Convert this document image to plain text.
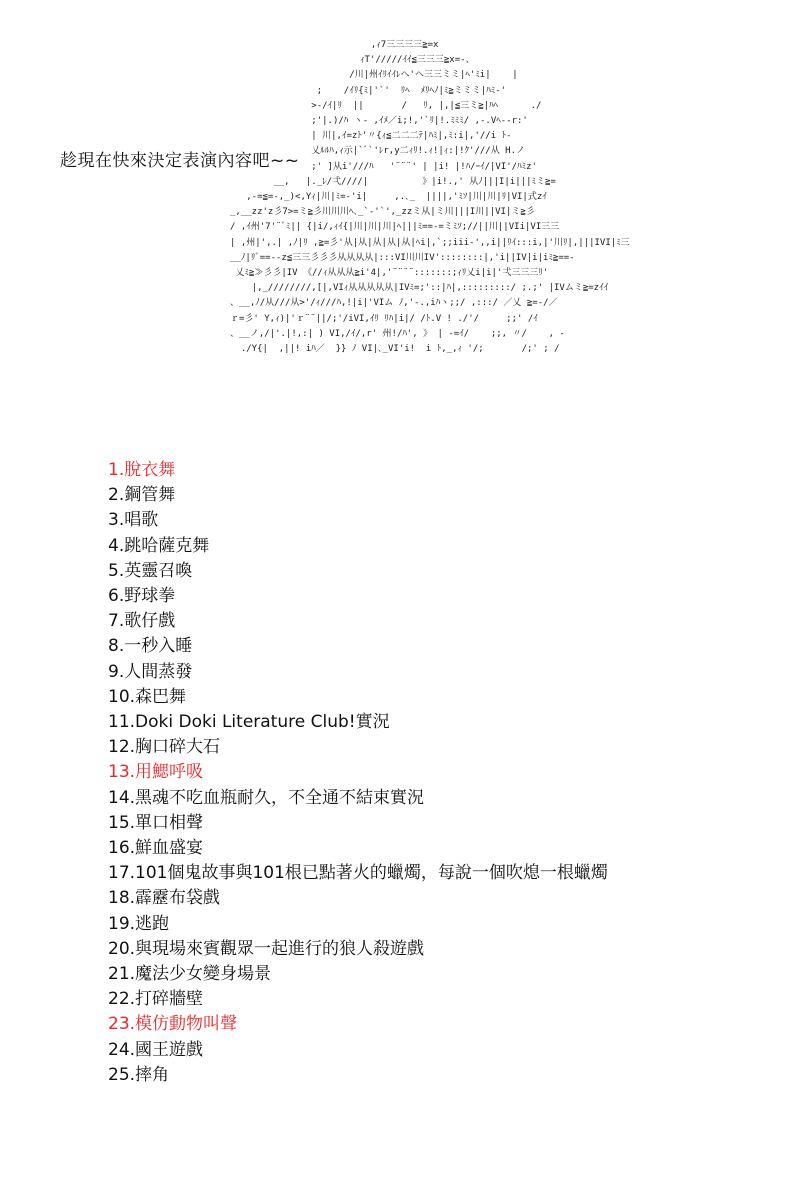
,ｨ7三三三三≧=x
ｨT'/////ｲｲ≦三三三≧x=-、
/川|州ｲﾘｲｲﾚヘ'ヘ三三ミミ|ﾍ'ﾐi|    |
;    /ｲﾘ{ﾐ|'`'  ﾘﾍ  ﾒﾘﾍﾉ|ﾐ≧ミミミ|ﾊﾐ-'
>-/ｲ|ﾘ  ||       /   ﾘ, |,|≦三ミ≧|ﾊﾍ      ./
;'|.)/ﾊ ヽ- ,ｲﾒ／i;!,'`ﾘ|!.ﾐﾐﾐ/ ,-.Vﾍ--r:'
| 川|,ｲ=zﾄ'〃{ｨ≦二二二ﾃ|ﾊﾐ|,ﾐ:i|,'//i ﾄ-
乂ﾙﾙﾊ,ｨ示|`ﾞ`'ﾚr,y二ｨﾘ!.ｨ!|ｨ:|!ｸ'///从 H.ノ
;' ]从i'///ﾊ   '¨¨¨' | |i! |!ﾊ/ｰｲ/|VI'/ﾊﾐz'
__,   |._ﾚ/弌////|          》|i!.,' 从ﾉ|||I|i|||ﾐミ≧=
,-=≦=-,_)<,Yｨ|川|ﾐ=-'i|     ,.､_  ||||,'ﾐｿ|川|川|ﾘ|VI|式zｲ
_,__zz'z彡7>=ミ≧彡川川川ﾍ､_`-'`',_zzミ从|ミ川|||I川||VI|ミ≧彡
/ ,ｲ州'7'¨ﾞﾐ|| {|i/,ｨｲ{|川|川|川|ﾍ|||ﾐ==-=ミﾐｿ;//||川||VIi|VI三三
| ,州|',.| ,ﾉ|ﾘ ,≧=彡'从|从|从|从|从|ﾍi|,`;;iii-',,i||ﾘｲ:::i,|'川ﾘ|,|||IVI|ﾐ三
__ﾉ|ﾘﾞ==--z≦三三彡彡彡从从从从|:::VI川川IV'::::::::|,'i||IV|i|iﾐ≧==-
乂ﾐ≧≫彡彡|IV 《//ｨ从从从≧i'4|,'¨¨¨¨:::::::;ｨﾘ乂i|i|'弌三三三ﾘ'
|,_////////,[|,VIｨ从从从从从|IVﾐ=;'::|ﾊ|,:::::::::/ ;.;' |IVムミ≧=zｲｲ
、__,ﾉ/从///从>'/ｨ///ﾊ,!|i|'VIム ﾉ,'-.,iﾊヽ;;/ ,:::/ ／乂 ≧=-/／
ｒ=彡' Y,ｨ)|'ｒ¨¨||/;'/iVI,ｲﾘ ﾘﾊ|i|/ /ﾄ.V ! ./'/     ;;' /ｲ
、__ノ,/|'.|!,:| ) VI,/ｲ/,r' 州!/ﾊ', 》 | -=ｲ/    ;;, 〃/    , -
./Y{|  ,||! iﾊ／  }} ﾉ VI|､_VI'i!  i ﾄ,_,ｨ '/;       /;' ; /
趁現在快來決定表演內容吧~~
1.脫衣舞
2.鋼管舞
3.唱歌
4.跳哈薩克舞
5.英靈召喚
6.野球拳
7.歌仔戲
8.一秒入睡
9.人間蒸發
10.森巴舞
11.Doki Doki Literature Club!實況
12.胸口碎大石
13.用鰓呼吸
14.黑魂不吃血瓶耐久，不全通不結束實況
15.單口相聲
16.鮮血盛宴
17.101個鬼故事與101根已點著火的蠟燭，每說一個吹熄一根蠟燭
18.霹靂布袋戲
19.逃跑
20.與現場來賓觀眾一起進行的狼人殺遊戲
21.魔法少女變身場景
22.打碎牆壁
23.模仿動物叫聲
24.國王遊戲
25.摔角
